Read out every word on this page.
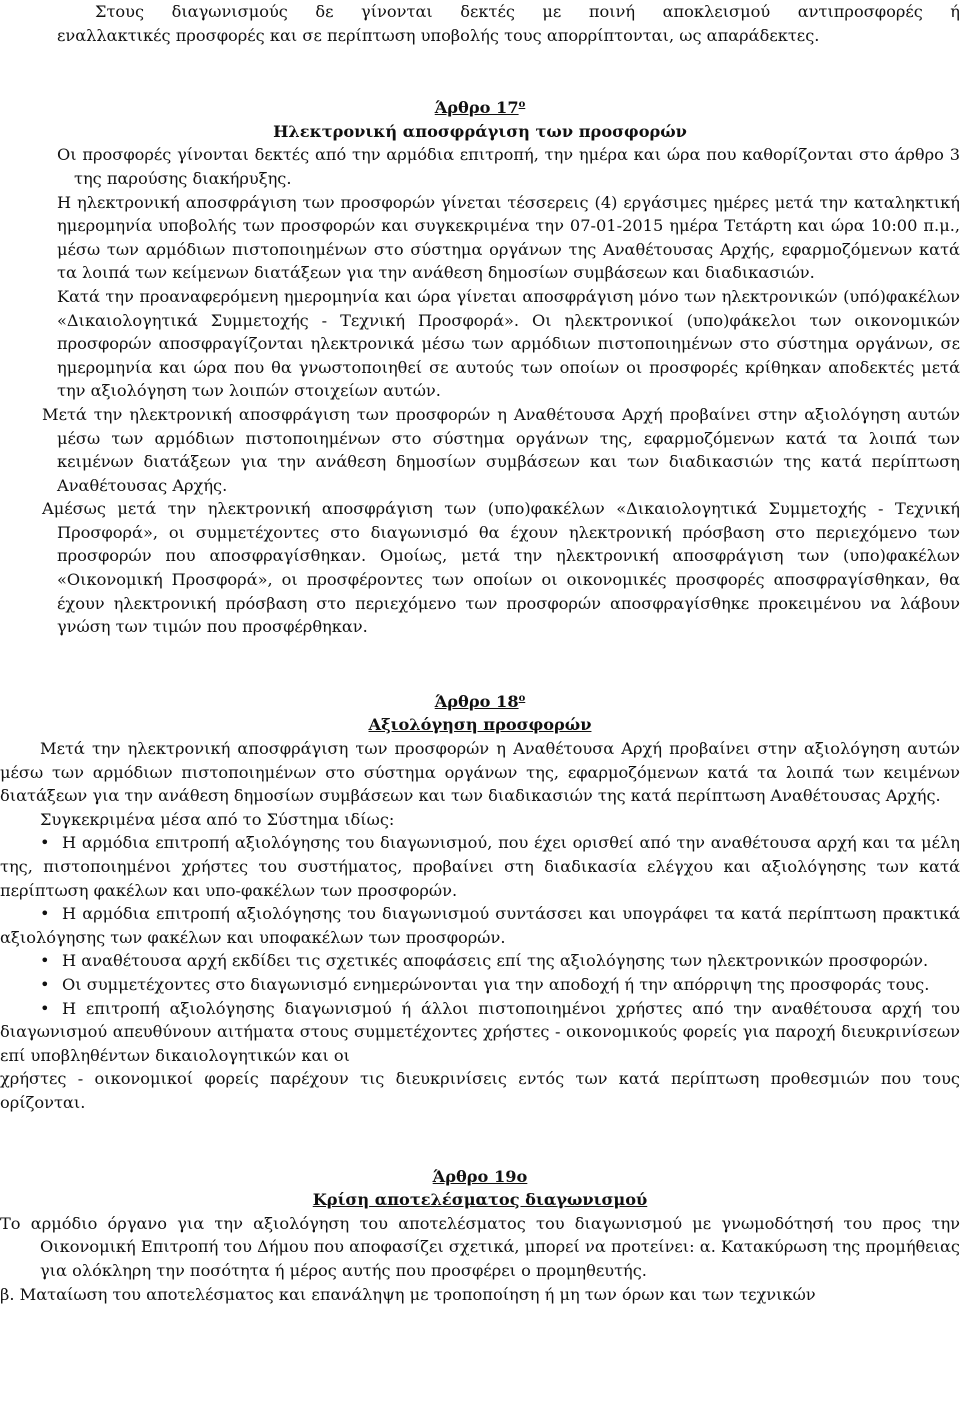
Στους διαγωνισμούς δε γίνονται δεκτές με ποινή αποκλεισμού αντιπροσφορές ή

εναλλακτικές προσφορές και σε περίπτωση υποβολής τους απορρίπτονται, ως απαράδεκτες.

Άρθρο $17^o$

Ηλεκτρονική αποσφράγιση των προσφορών

Οι προσφορές γίνονται δεκτές από την αρμόδια επιτροπή, την ημέρα και ώρα που καθορίζονται στο άρθρο 3 της παρούσης διακήρυξης.

Η ηλεκτρονική αποσφράγιση των προσφορών γίνεται τέσσερεις (4) εργάσιμες ημέρες μετά την καταληκτική ημερομηνία υποβολής των προσφορών και συγκεκριμένα την 07-01-2015 ημέρα Τετάρτη και ώρα 10:00 π.μ., μέσω των αρμόδιων πιστοποιημένων στο σύστημα οργάνων της Αναθέτουσας Αρχής, εφαρμοζόμενων κατά τα λοιπά των κείμενων διατάξεων για την ανάθεση δημοσίων συμβάσεων και διαδικασιών.

Κατά την προαναφερόμενη ημερομηνία και ώρα γίνεται αποσφράγιση μόνο των ηλεκτρονικών (υπό)φακέλων «Δικαιολογητικά Συμμετοχής - Τεχνική Προσφορά». Οι ηλεκτρονικοί (υπο)φάκελοι των οικονομικών προσφορών αποσφραγίζονται ηλεκτρονικά μέσω των αρμόδιων πιστοποιημένων στο σύστημα οργάνων, σε ημερομηνία και ώρα που θα γνωστοποιηθεί σε αυτούς των οποίων οι προσφορές κρίθηκαν αποδεκτές μετά την αξιολόγηση των λοιπών στοιχείων αυτών.

Μετά την ηλεκτρονική αποσφράγιση των προσφορών η Αναθέτουσα Αρχή προβαίνει στην αξιολόγηση αυτών μέσω των αρμόδιων πιστοποιημένων στο σύστημα οργάνων της, εφαρμοζόμενων κατά τα λοιπά των κειμένων διατάξεων για την ανάθεση δημοσίων συμβάσεων και των διαδικασιών της κατά περίπτωση Αναθέτουσας Αρχής.

Αμέσως μετά την ηλεκτρονική αποσφράγιση των (υπο)φακέλων «Δικαιολογητικά Συμμετοχής - Τεχνική Προσφορά», οι συμμετέχοντες στο διαγωνισμό θα έχουν ηλεκτρονική πρόσβαση στο περιεχόμενο των προσφορών που αποσφραγίσθηκαν. Ομοίως, μετά την ηλεκτρονική αποσφράγιση των (υπο)φακέλων «Οικονομική Προσφορά», οι προσφέροντες των οποίων οι οικονομικές προσφορές αποσφραγίσθηκαν, θα έχουν ηλεκτρονική πρόσβαση στο περιεχόμενο των προσφορών αποσφραγίσθηκε προκειμένου να λάβουν γνώση των τιμών που προσφέρθηκαν.

Άρθρο $18^o$

Αξιολόγηση προσφορών

Μετά την ηλεκτρονική αποσφράγιση των προσφορών η Αναθέτουσα Αρχή προβαίνει στην αξιολόγηση αυτών μέσω των αρμόδιων πιστοποιημένων στο σύστημα οργάνων της, εφαρμοζόμενων κατά τα λοιπά των κειμένων διατάξεων για την ανάθεση δημοσίων συμβάσεων και των διαδικασιών της κατά περίπτωση Αναθέτουσας Αρχής.

Συγκεκριμένα μέσα από το Σύστημα ιδίως:

• Η αρμόδια επιτροπή αξιολόγησης του διαγωνισμού, που έχει ορισθεί από την αναθέτουσα αρχή και τα μέλη της, πιστοποιημένοι χρήστες του συστήματος, προβαίνει στη διαδικασία ελέγχου και αξιολόγησης των κατά περίπτωση φακέλων και υπο-φακέλων των προσφορών.

• Η αρμόδια επιτροπή αξιολόγησης του διαγωνισμού συντάσσει και υπογράφει τα κατά περίπτωση πρακτικά αξιολόγησης των φακέλων και υποφακέλων των προσφορών.

• Η αναθέτουσα αρχή εκδίδει τις σχετικές αποφάσεις επί της αξιολόγησης των ηλεκτρονικών προσφορών.

• Οι συμμετέχοντες στο διαγωνισμό ενημερώνονται για την αποδοχή ή την απόρριψη της προσφοράς τους.

• Η επιτροπή αξιολόγησης διαγωνισμού ή άλλοι πιστοποιημένοι χρήστες από την αναθέτουσα αρχή του διαγωνισμού απευθύνουν αιτήματα στους συμμετέχοντες χρήστες - οικονομικούς φορείς για παροχή διευκρινίσεων επί υποβληθέντων δικαιολογητικών και οι

χρήστες - οικονομικοί φορείς παρέχουν τις διευκρινίσεις εντός των κατά περίπτωση προθεσμιών που τους ορίζονται.

Άρθρο 19ο

Κρίση αποτελέσματος διαγωνισμού

Το αρμόδιο όργανο για την αξιολόγηση του αποτελέσματος του διαγωνισμού με γνωμοδότησή του προς την Οικονομική Επιτροπή του Δήμου που αποφασίζει σχετικά, μπορεί να προτείνει: α. Κατακύρωση της προμήθειας για ολόκληρη την ποσότητα ή μέρος αυτής που προσφέρει ο προμηθευτής.

β. Ματαίωση του αποτελέσματος και επανάληψη με τροποποίηση ή μη των όρων και των τεχνικών
